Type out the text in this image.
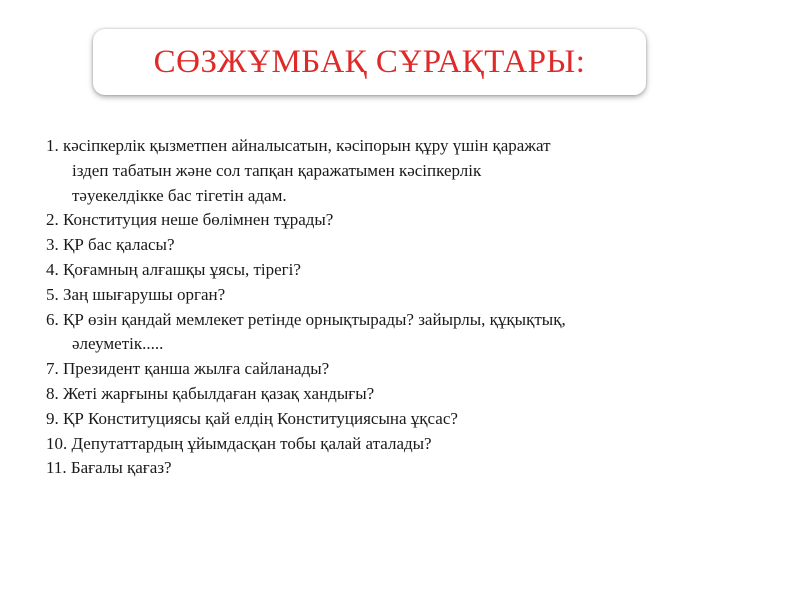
СӨЗЖҰМБАҚ СҰРАҚТАРЫ:

1. кәсіпкерлік қызметпен айналысатын, кәсіпорын құру үшін қаражат

іздеп табатын және сол тапқан қаражатымен кәсіпкерлік

тәуекелдікке бас тігетін адам.

2. Конституция неше бөлімнен тұрады?

3. ҚР бас қаласы?

4. Қоғамның алғашқы ұясы, тірегі?

5. Заң шығарушы орган?

6. ҚР өзін қандай мемлекет ретінде орнықтырады? зайырлы, құқықтық,

әлеуметік.....

7. Президент қанша жылға сайланады?

8. Жеті жарғыны қабылдаған қазақ хандығы?

9. ҚР Конституциясы қай елдің Конституциясына ұқсас?

10. Депутаттардың ұйымдасқан тобы қалай аталады?

11. Бағалы қағаз?
